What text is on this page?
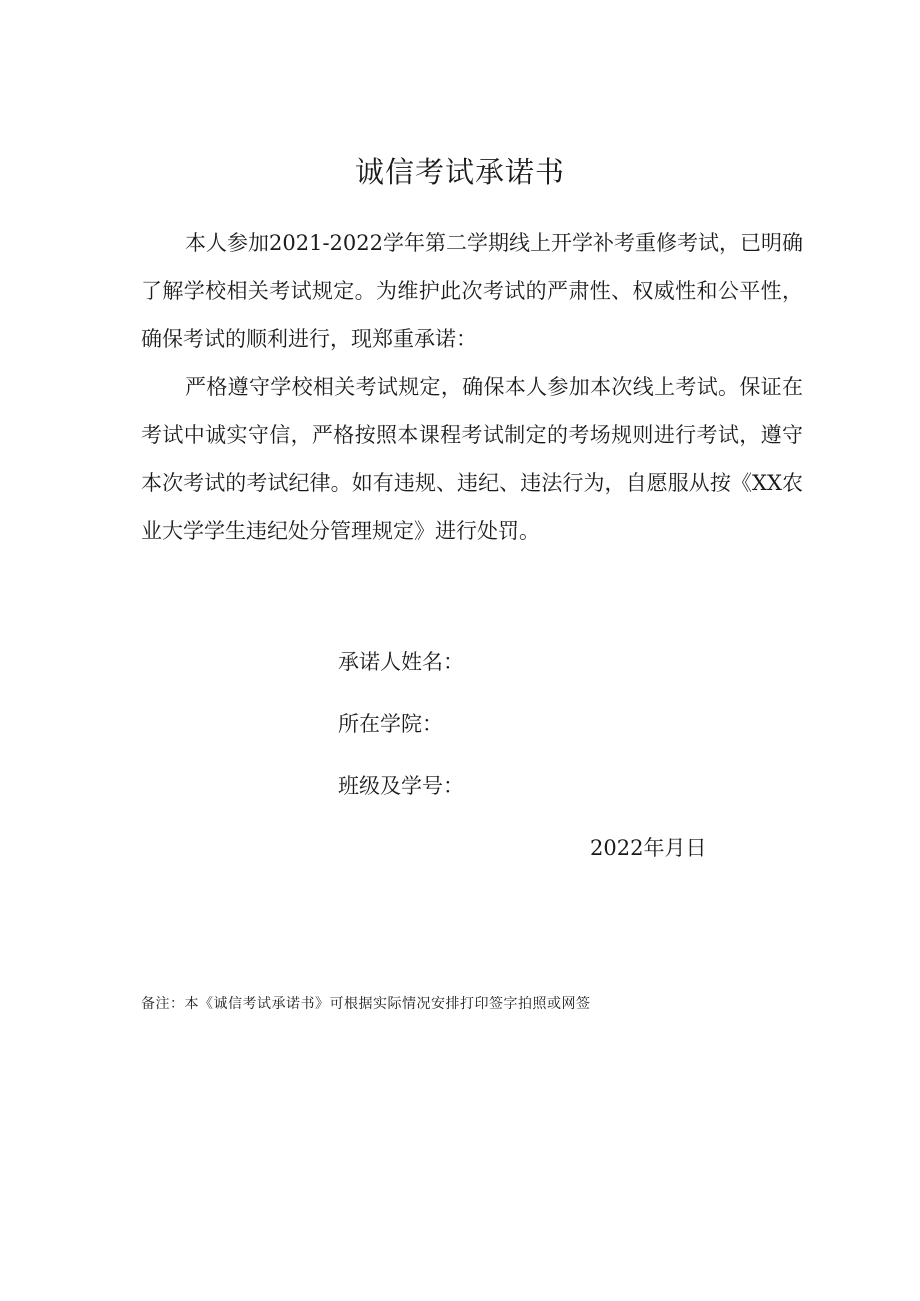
诚信考试承诺书

本人参加2021-2022学年第二学期线上开学补考重修考试，已明确了解学校相关考试规定。为维护此次考试的严肃性、权威性和公平性，确保考试的顺利进行，现郑重承诺：

严格遵守学校相关考试规定，确保本人参加本次线上考试。保证在考试中诚实守信，严格按照本课程考试制定的考场规则进行考试，遵守本次考试的考试纪律。如有违规、违纪、违法行为，自愿服从按《XX农业大学学生违纪处分管理规定》进行处罚。

承诺人姓名：

所在学院：

班级及学号：

2022年月日

备注：本《诚信考试承诺书》可根据实际情况安排打印签字拍照或网签
